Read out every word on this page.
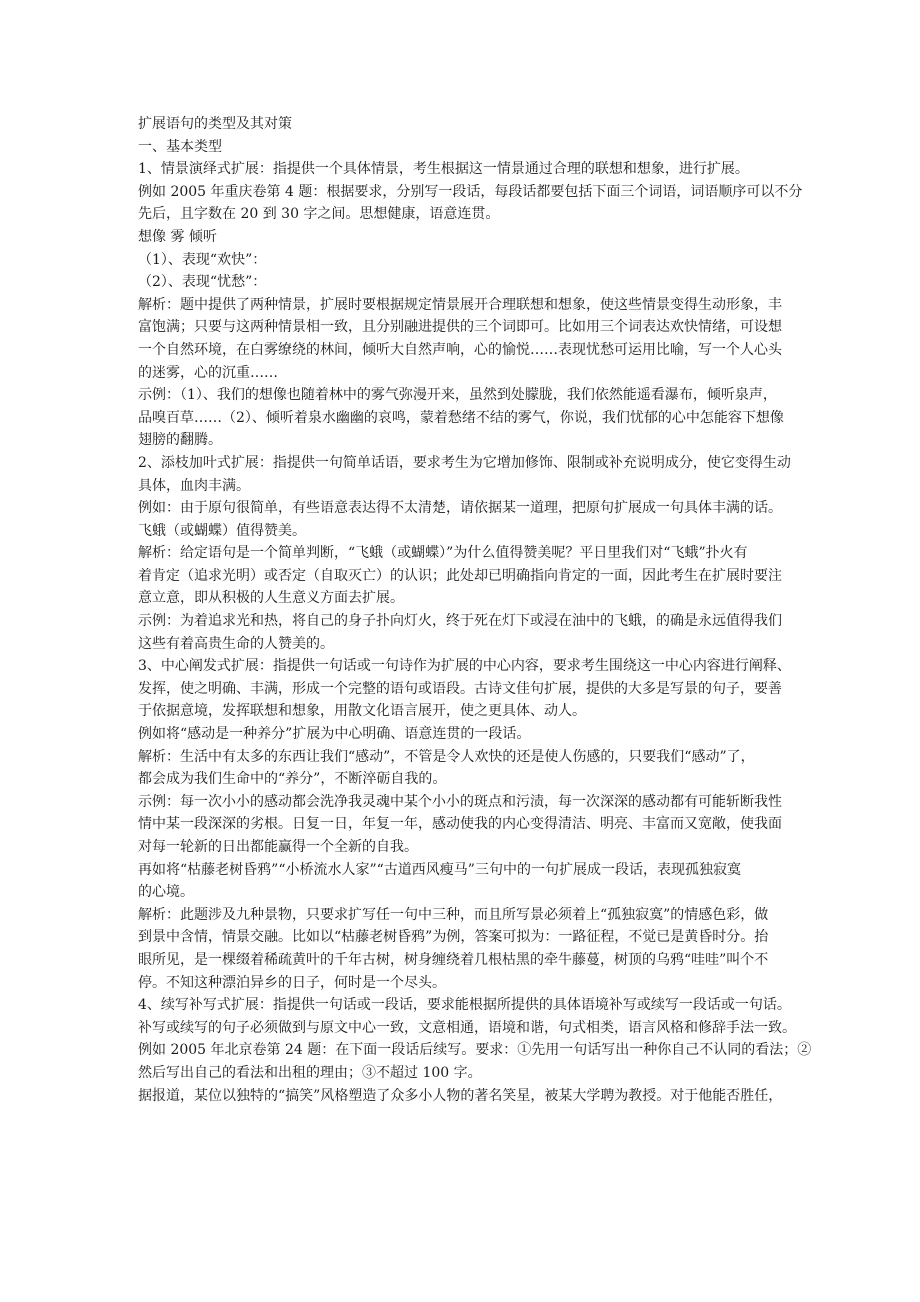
扩展语句的类型及其对策
一、基本类型
1、情景演绎式扩展：指提供一个具体情景，考生根据这一情景通过合理的联想和想象，进行扩展。
例如 2005 年重庆卷第 4 题：根据要求，分别写一段话，每段话都要包括下面三个词语，词语顺序可以不分
先后，且字数在 20 到 30 字之间。思想健康，语意连贯。
想像 雾 倾听
（1）、表现“欢快”：
（2）、表现“忧愁”：
解析：题中提供了两种情景，扩展时要根据规定情景展开合理联想和想象，使这些情景变得生动形象，丰
富饱满；只要与这两种情景相一致，且分别融进提供的三个词即可。比如用三个词表达欢快情绪，可设想
一个自然环境，在白雾缭绕的林间，倾听大自然声响，心的愉悦……表现忧愁可运用比喻，写一个人心头
的迷雾，心的沉重……
示例：（1）、我们的想像也随着林中的雾气弥漫开来，虽然到处朦胧，我们依然能遥看瀑布，倾听泉声，
品嗅百草……（2）、倾听着泉水幽幽的哀鸣，蒙着愁绪不结的雾气，你说，我们忧郁的心中怎能容下想像
翅膀的翻腾。
2、添枝加叶式扩展：指提供一句简单话语，要求考生为它增加修饰、限制或补充说明成分，使它变得生动
具体，血肉丰满。
例如：由于原句很简单，有些语意表达得不太清楚，请依据某一道理，把原句扩展成一句具体丰满的话。
飞蛾（或蝴蝶）值得赞美。
解析：给定语句是一个简单判断，“飞蛾（或蝴蝶）”为什么值得赞美呢？平日里我们对“飞蛾”扑火有
着肯定（追求光明）或否定（自取灭亡）的认识；此处却已明确指向肯定的一面，因此考生在扩展时要注
意立意，即从积极的人生意义方面去扩展。
示例：为着追求光和热，将自己的身子扑向灯火，终于死在灯下或浸在油中的飞蛾，的确是永远值得我们
这些有着高贵生命的人赞美的。
3、中心阐发式扩展：指提供一句话或一句诗作为扩展的中心内容，要求考生围绕这一中心内容进行阐释、
发挥，使之明确、丰满，形成一个完整的语句或语段。古诗文佳句扩展，提供的大多是写景的句子，要善
于依据意境，发挥联想和想象，用散文化语言展开，使之更具体、动人。
例如将“感动是一种养分”扩展为中心明确、语意连贯的一段话。
解析：生活中有太多的东西让我们“感动”，不管是令人欢快的还是使人伤感的，只要我们“感动”了，
都会成为我们生命中的“养分”，不断淬砺自我的。
示例：每一次小小的感动都会洗净我灵魂中某个小小的斑点和污渍，每一次深深的感动都有可能斩断我性
情中某一段深深的劣根。日复一日，年复一年，感动使我的内心变得清洁、明亮、丰富而又宽敞，使我面
对每一轮新的日出都能赢得一个全新的自我。
再如将“枯藤老树昏鸦”“小桥流水人家”“古道西风瘦马”三句中的一句扩展成一段话，表现孤独寂寞
的心境。
解析：此题涉及九种景物，只要求扩写任一句中三种，而且所写景必须着上“孤独寂寞”的情感色彩，做
到景中含情，情景交融。比如以“枯藤老树昏鸦”为例，答案可拟为：一路征程，不觉已是黄昏时分。抬
眼所见，是一棵缀着稀疏黄叶的千年古树，树身缠绕着几根枯黑的牵牛藤蔓，树顶的乌鸦“哇哇”叫个不
停。不知这种漂泊异乡的日子，何时是一个尽头。
4、续写补写式扩展：指提供一句话或一段话，要求能根据所提供的具体语境补写或续写一段话或一句话。
补写或续写的句子必须做到与原文中心一致，文意相通，语境和谐，句式相类，语言风格和修辞手法一致。
例如 2005 年北京卷第 24 题：在下面一段话后续写。要求：①先用一句话写出一种你自己不认同的看法；②
然后写出自己的看法和出租的理由；③不超过 100 字。
据报道，某位以独特的“搞笑”风格塑造了众多小人物的著名笑星，被某大学聘为教授。对于他能否胜任，
